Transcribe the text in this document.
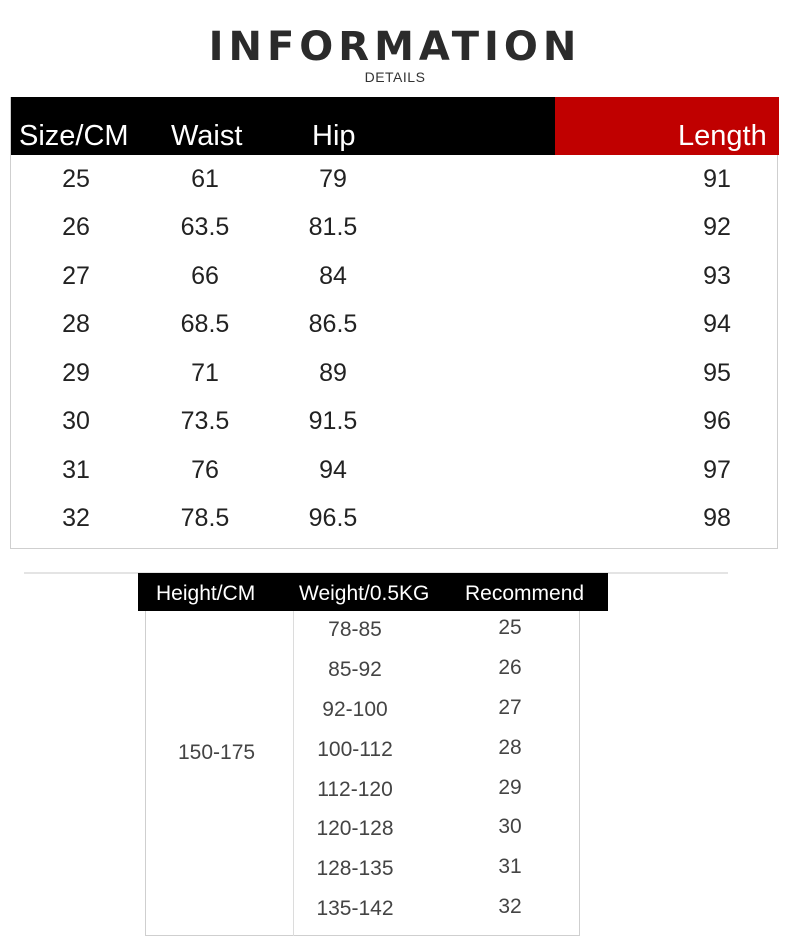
INFORMATION
DETAILS
Size/CM Waist Hip	Length
25	61	79	91
26	63.5	81.5	92
27	66	84	93
28	68.5	86.5	94
29	71	89	95
30	73.5	91.5	96
31	76	94	97
32	78.5	96.5	98
Height/CM Weight/0.5KG Recommend
150-175
78-85	25
85-92	26
92-100	27
100-112	28
112-120	29
120-128	30
128-135	31
135-142	32
